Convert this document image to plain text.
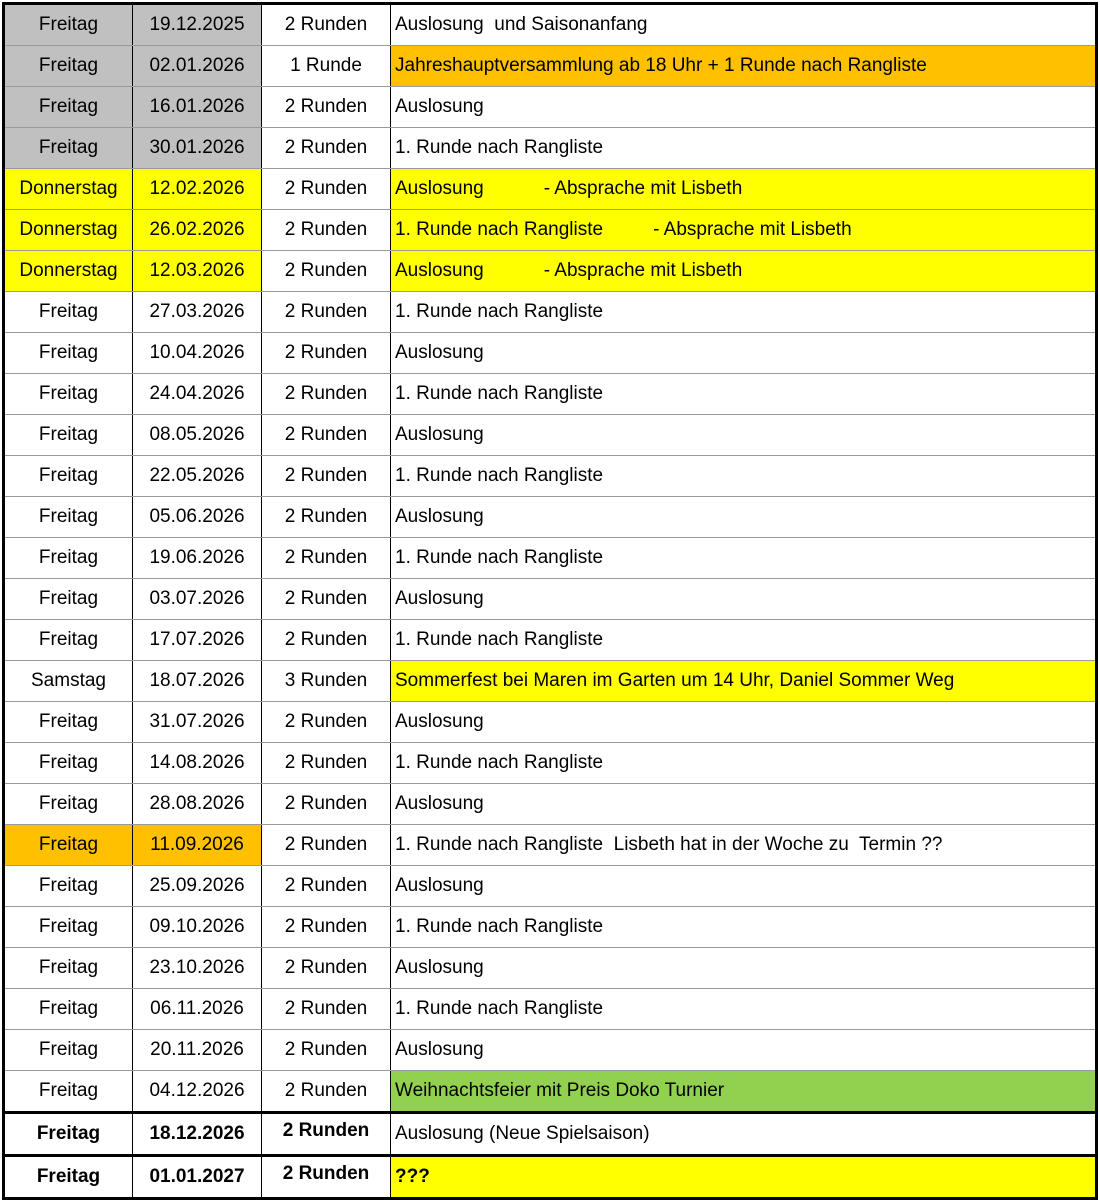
Freitag	19.12.2025	2 Runden	Auslosung  und Saisonanfang
Freitag	02.01.2026	1 Runde	Jahreshauptversammlung ab 18 Uhr + 1 Runde nach Rangliste
Freitag	16.01.2026	2 Runden	Auslosung
Freitag	30.01.2026	2 Runden	1. Runde nach Rangliste
Donnerstag	12.02.2026	2 Runden	Auslosung - Absprache mit Lisbeth
Donnerstag	26.02.2026	2 Runden	1. Runde nach Rangliste - Absprache mit Lisbeth
Donnerstag	12.03.2026	2 Runden	Auslosung - Absprache mit Lisbeth
Freitag	27.03.2026	2 Runden	1. Runde nach Rangliste
Freitag	10.04.2026	2 Runden	Auslosung
Freitag	24.04.2026	2 Runden	1. Runde nach Rangliste
Freitag	08.05.2026	2 Runden	Auslosung
Freitag	22.05.2026	2 Runden	1. Runde nach Rangliste
Freitag	05.06.2026	2 Runden	Auslosung
Freitag	19.06.2026	2 Runden	1. Runde nach Rangliste
Freitag	03.07.2026	2 Runden	Auslosung
Freitag	17.07.2026	2 Runden	1. Runde nach Rangliste
Samstag	18.07.2026	3 Runden	Sommerfest bei Maren im Garten um 14 Uhr, Daniel Sommer Weg
Freitag	31.07.2026	2 Runden	Auslosung
Freitag	14.08.2026	2 Runden	1. Runde nach Rangliste
Freitag	28.08.2026	2 Runden	Auslosung
Freitag	11.09.2026	2 Runden	1. Runde nach Rangliste  Lisbeth hat in der Woche zu  Termin ??
Freitag	25.09.2026	2 Runden	Auslosung
Freitag	09.10.2026	2 Runden	1. Runde nach Rangliste
Freitag	23.10.2026	2 Runden	Auslosung
Freitag	06.11.2026	2 Runden	1. Runde nach Rangliste
Freitag	20.11.2026	2 Runden	Auslosung
Freitag	04.12.2026	2 Runden	Weihnachtsfeier mit Preis Doko Turnier
Freitag	18.12.2026	2 Runden	Auslosung (Neue Spielsaison)
Freitag	01.01.2027	2 Runden	???
